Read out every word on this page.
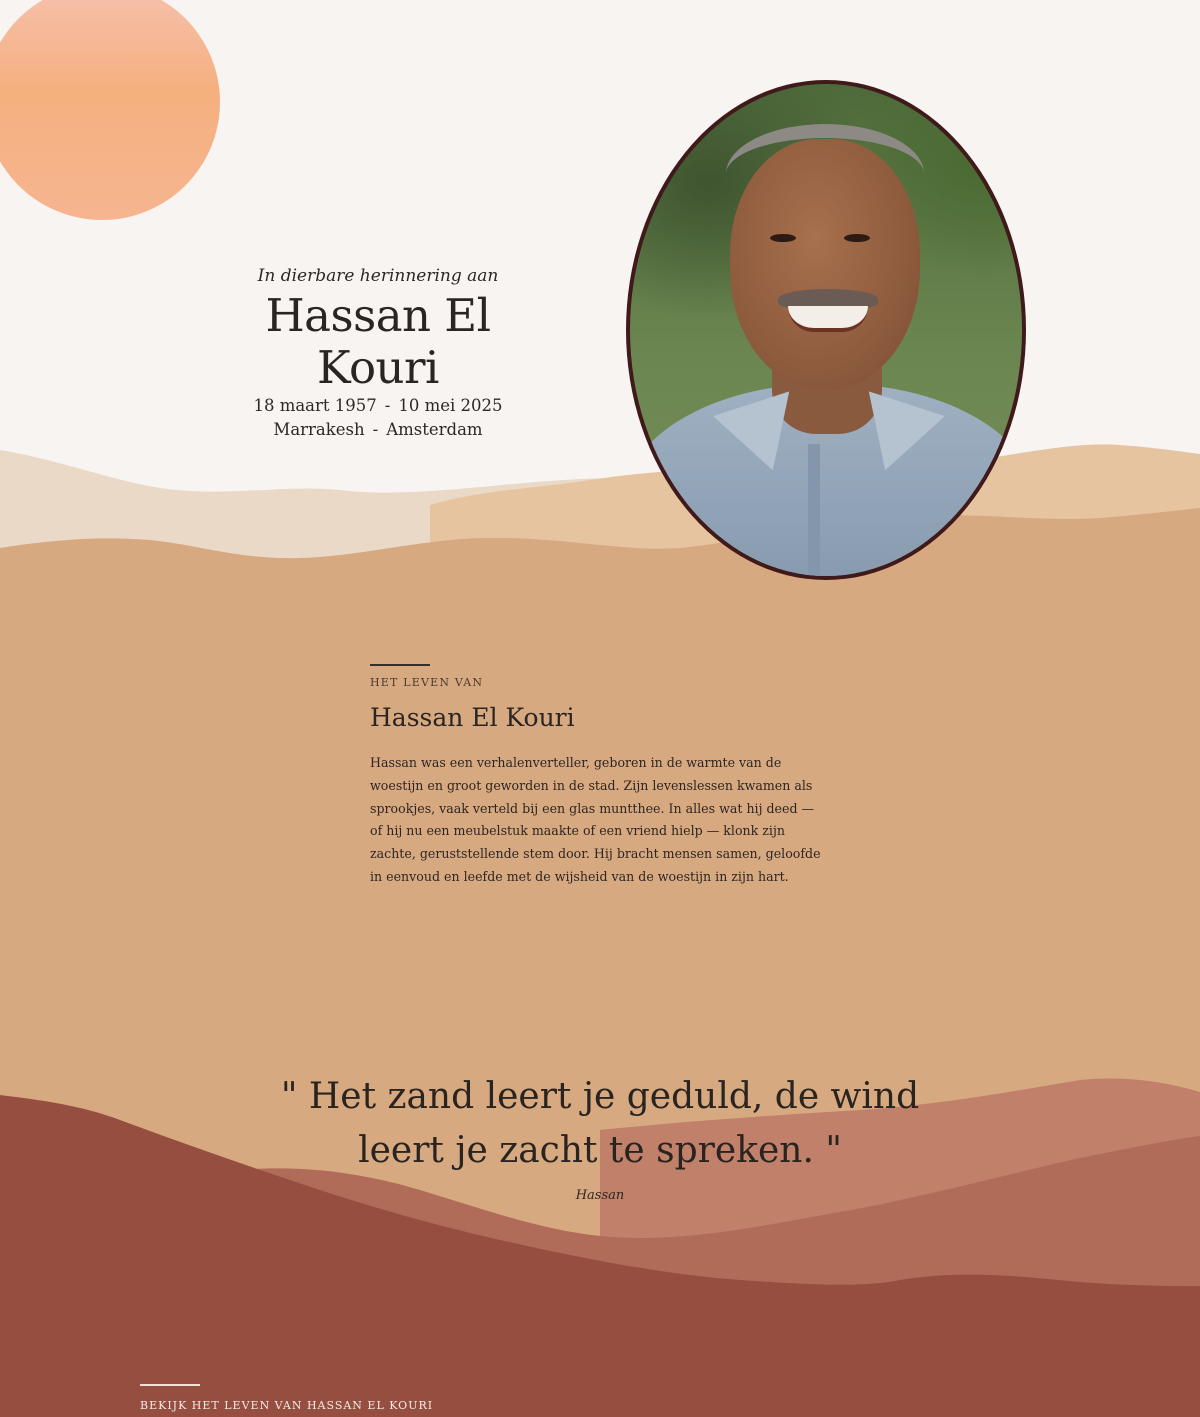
In dierbare herinnering aan
Hassan El Kouri
18 maart 1957 - 10 mei 2025
Marrakesh - Amsterdam
HET LEVEN VAN
Hassan El Kouri

Hassan was een verhalenverteller, geboren in de warmte van de woestijn en groot geworden in de stad. Zijn levenslessen kwamen als sprookjes, vaak verteld bij een glas muntthee. In alles wat hij deed — of hij nu een meubelstuk maakte of een vriend hielp — klonk zijn zachte, geruststellende stem door. Hij bracht mensen samen, geloofde in eenvoud en leefde met de wijsheid van de woestijn in zijn hart.

" Het zand leert je geduld, de wind leert je zacht te spreken. "
Hassan
BEKIJK HET LEVEN VAN HASSAN EL KOURI
